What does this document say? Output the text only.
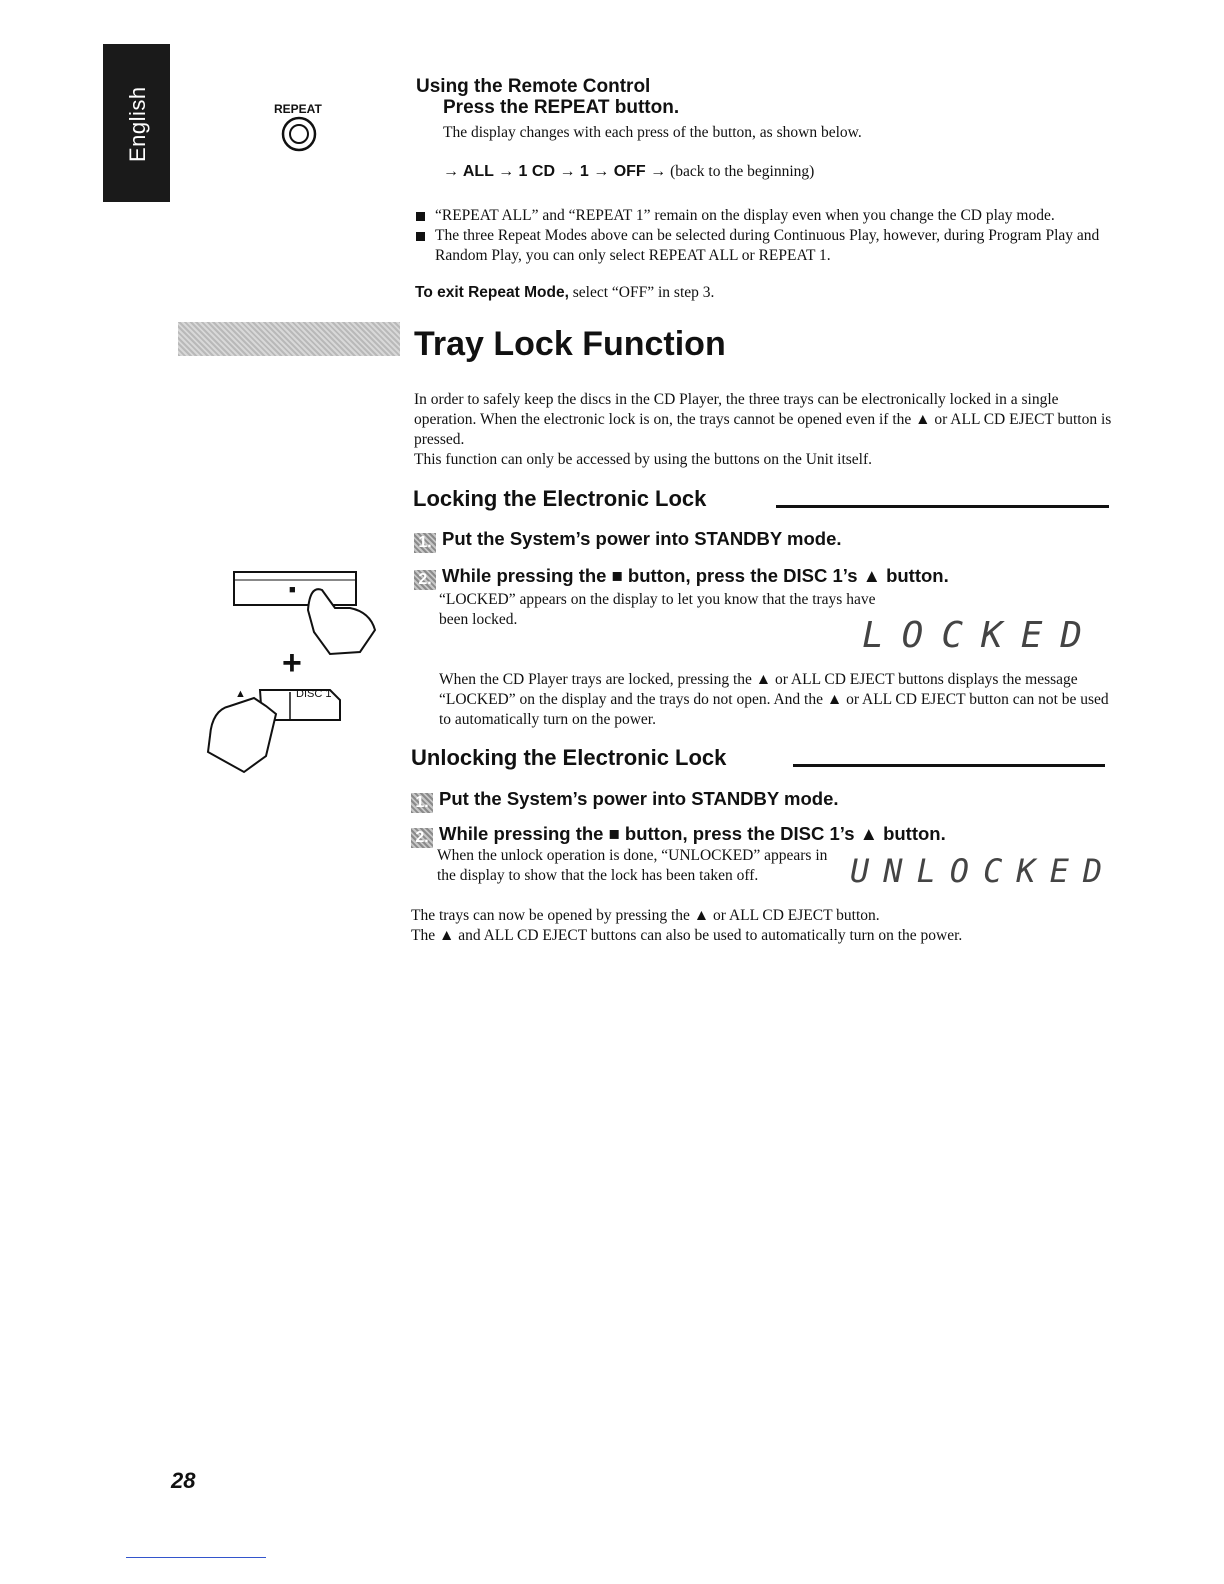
English	REPEAT
Using the Remote Control
Press the REPEAT button.
The display changes with each press of the button, as shown below.
→ ALL → 1 CD → 1 → OFF → (back to the beginning)
“REPEAT ALL” and “REPEAT 1” remain on the display even when you change the CD play mode.
The three Repeat Modes above can be selected during Continuous Play, however, during Program Play and Random Play, you can only select REPEAT ALL or REPEAT 1.
To exit Repeat Mode, select “OFF” in step 3.
Tray Lock Function
In order to safely keep the discs in the CD Player, the three trays can be electronically locked in a single operation. When the electronic lock is on, the trays cannot be opened even if the ▲ or ALL CD EJECT button is pressed.
This function can only be accessed by using the buttons on the Unit itself.
Locking the Electronic Lock
1. Put the System’s power into STANDBY mode.
2. While pressing the ■ button, press the DISC 1’s ▲ button.
“LOCKED” appears on the display to let you know that the trays have been locked.	LOCKED
When the CD Player trays are locked, pressing the ▲ or ALL CD EJECT buttons displays the message “LOCKED” on the display and the trays do not open. And the ▲ or ALL CD EJECT button can not be used to automatically turn on the power.
■
+
▲	DISC 1
Unlocking the Electronic Lock
1. Put the System’s power into STANDBY mode.
2. While pressing the ■ button, press the DISC 1’s ▲ button.
When the unlock operation is done, “UNLOCKED” appears in the display to show that the lock has been taken off.	UNLOCKED
The trays can now be opened by pressing the ▲ or ALL CD EJECT button.
The ▲ and ALL CD EJECT buttons can also be used to automatically turn on the power.
28
